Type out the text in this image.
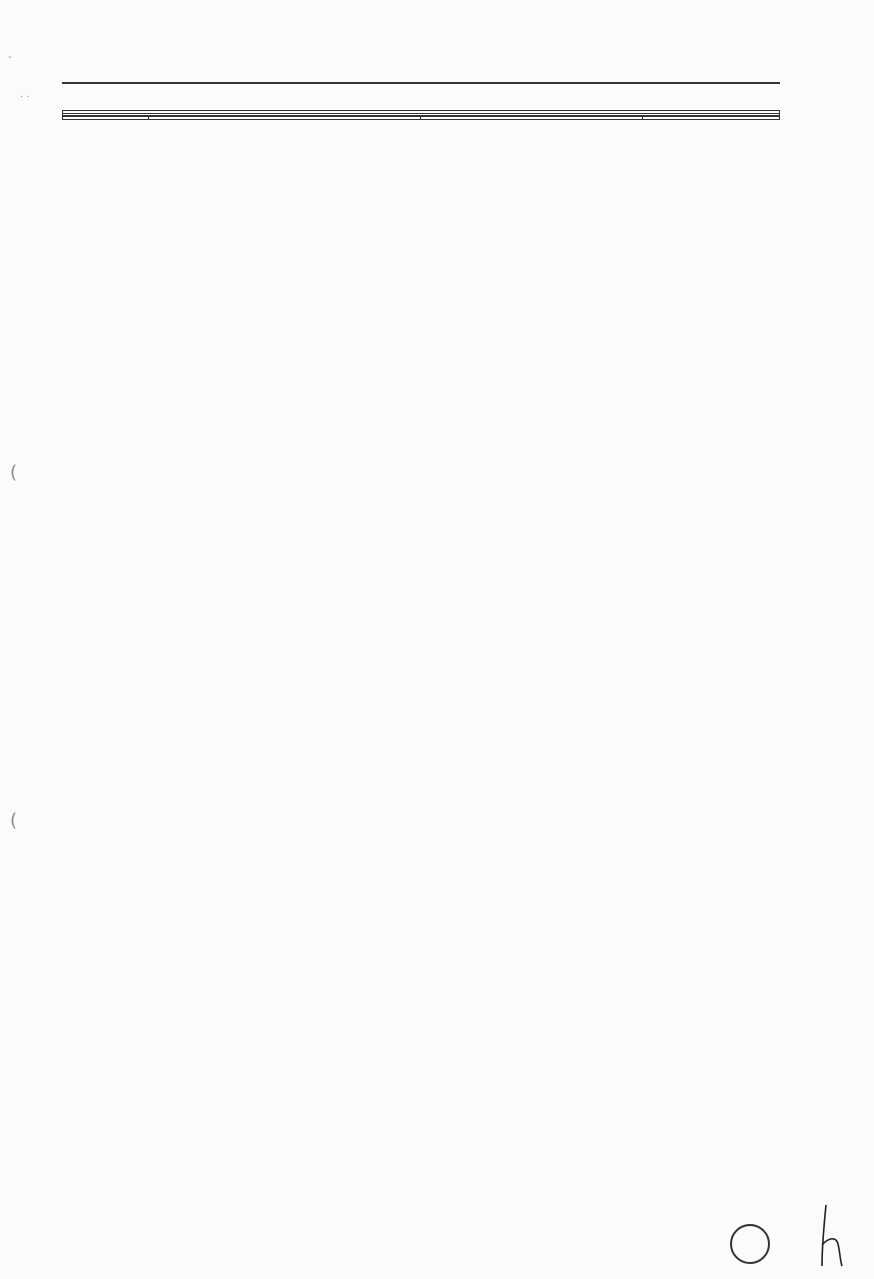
‐
· ·
(
(
